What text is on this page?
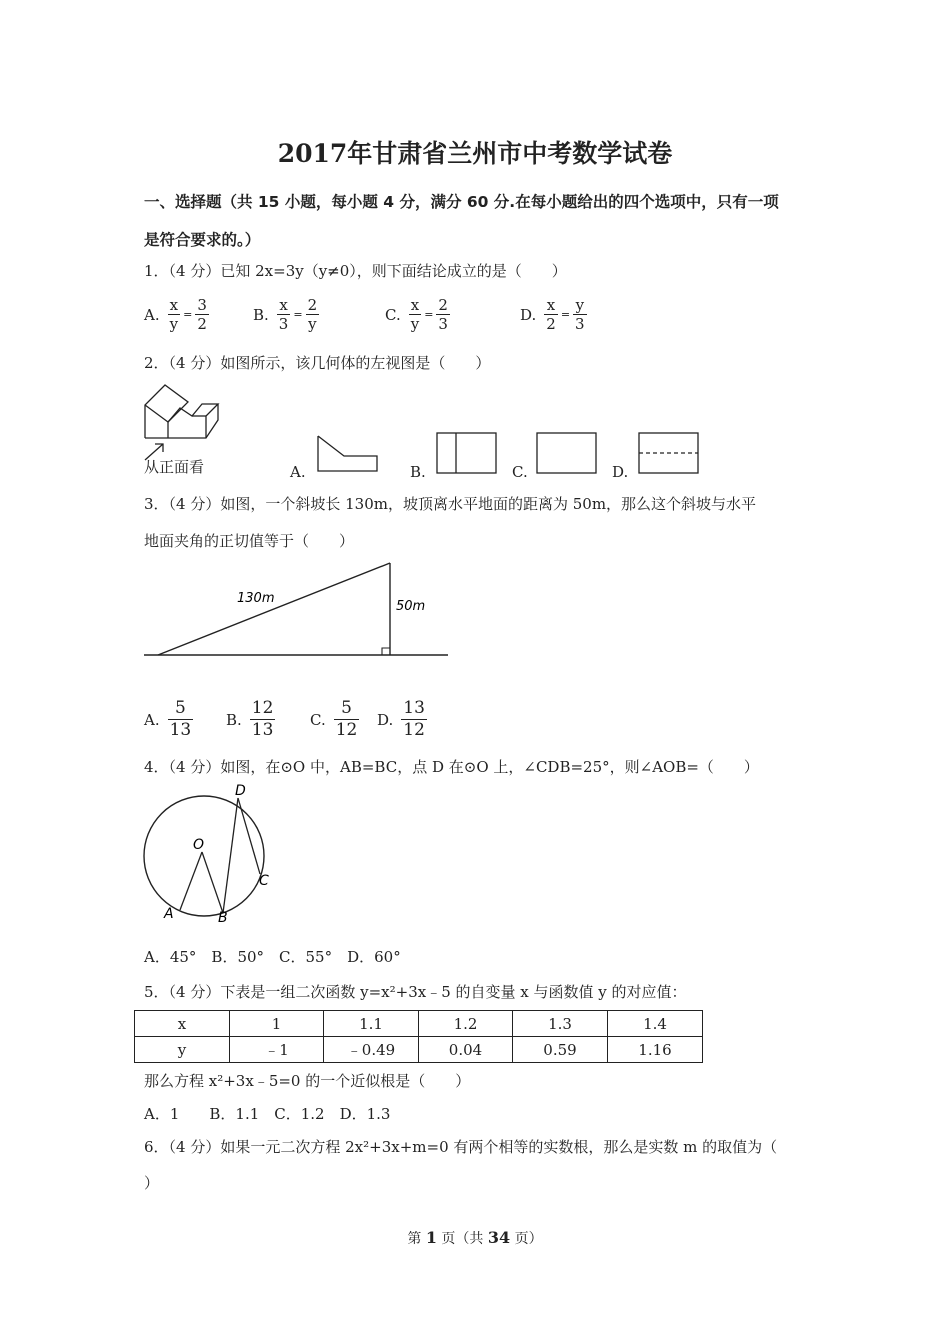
2017年甘肃省兰州市中考数学试卷
一、选择题（共 15 小题，每小题 4 分，满分 60 分.在每小题给出的四个选项中，只有一项
是符合要求的。）
1．（4 分）已知 2x=3y（y≠0），则下面结论成立的是（　　）
A. $\frac{x}{y} = \frac{3}{2}$	B. $\frac{x}{3} = \frac{2}{y}$	C. $\frac{x}{y} = \frac{2}{3}$	D. $\frac{x}{2} = \frac{y}{3}$
2．（4 分）如图所示，该几何体的左视图是（　　）
从正面看	A.	B.	C.	D.
3．（4 分）如图，一个斜坡长 130m，坡顶离水平地面的距离为 50m，那么这个斜坡与水平
地面夹角的正切值等于（　　）
130m
50m
A. $\frac{5}{13} B$. $\frac{12}{13} C$. $\frac{5}{12} D$. $\frac{13}{12}$
4．（4 分）如图，在⊙O 中，AB=BC，点 D 在⊙O 上，∠CDB=25°，则∠AOB=（　　）
O
A	B
C
D
A．45°　B．50°　C．55°　D．60°
5．（4 分）下表是一组二次函数 y=x²+3x﹣5 的自变量 x 与函数值 y 的对应值：
x	1	1.1	1.2	1.3	1.4
y	﹣1	﹣0.49	0.04	0.59	1.16
那么方程 x²+3x﹣5=0 的一个近似根是（　　）
A．1　　B．1.1　C．1.2　D．1.3
6．（4 分）如果一元二次方程 2x²+3x+m=0 有两个相等的实数根，那么是实数 m 的取值为（
）
第 1 页（共 34 页）
